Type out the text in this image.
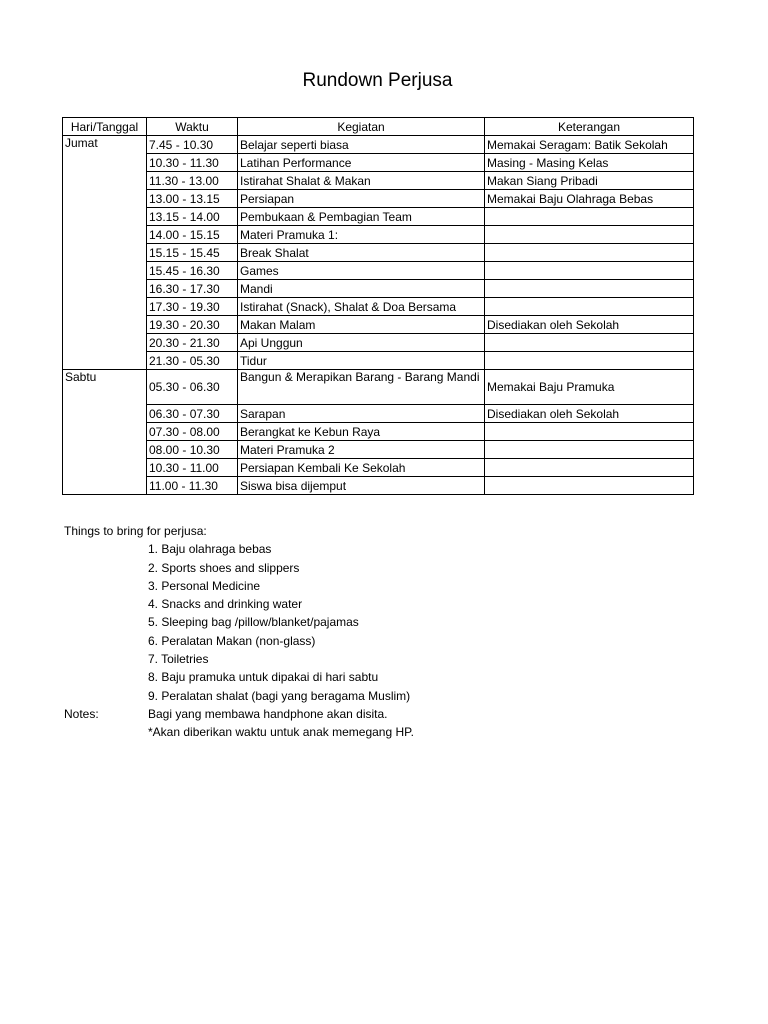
Rundown Perjusa
Hari/Tanggal	Waktu	Kegiatan	Keterangan
Jumat	7.45 - 10.30	Belajar seperti biasa	Memakai Seragam: Batik Sekolah
	10.30 - 11.30	Latihan Performance	Masing - Masing Kelas
	11.30 - 13.00	Istirahat Shalat & Makan	Makan Siang Pribadi
	13.00 - 13.15	Persiapan	Memakai Baju Olahraga Bebas
	13.15 - 14.00	Pembukaan & Pembagian Team	
	14.00 - 15.15	Materi Pramuka 1:	
	15.15 - 15.45	Break Shalat	
	15.45 - 16.30	Games	
	16.30 - 17.30	Mandi	
	17.30 - 19.30	Istirahat (Snack), Shalat & Doa Bersama	
	19.30 - 20.30	Makan Malam	Disediakan oleh Sekolah
	20.30 - 21.30	Api Unggun	
	21.30 - 05.30	Tidur	
Sabtu	05.30 - 06.30	Bangun & Merapikan Barang - Barang Mandi	Memakai Baju Pramuka
	06.30 - 07.30	Sarapan	Disediakan oleh Sekolah
	07.30 - 08.00	Berangkat ke Kebun Raya	
	08.00 - 10.30	Materi Pramuka 2	
	10.30 - 11.00	Persiapan Kembali Ke Sekolah	
	11.00 - 11.30	Siswa bisa dijemput	

Things to bring for perjusa:

1. Baju olahraga bebas
2. Sports shoes and slippers
3. Personal Medicine
4. Snacks and drinking water
5. Sleeping bag /pillow/blanket/pajamas
6. Peralatan Makan (non-glass)
7. Toiletries
8. Baju pramuka untuk dipakai di hari sabtu
9. Peralatan shalat (bagi yang beragama Muslim)
Notes:	Bagi yang membawa handphone akan disita.
*Akan diberikan waktu untuk anak memegang HP.
